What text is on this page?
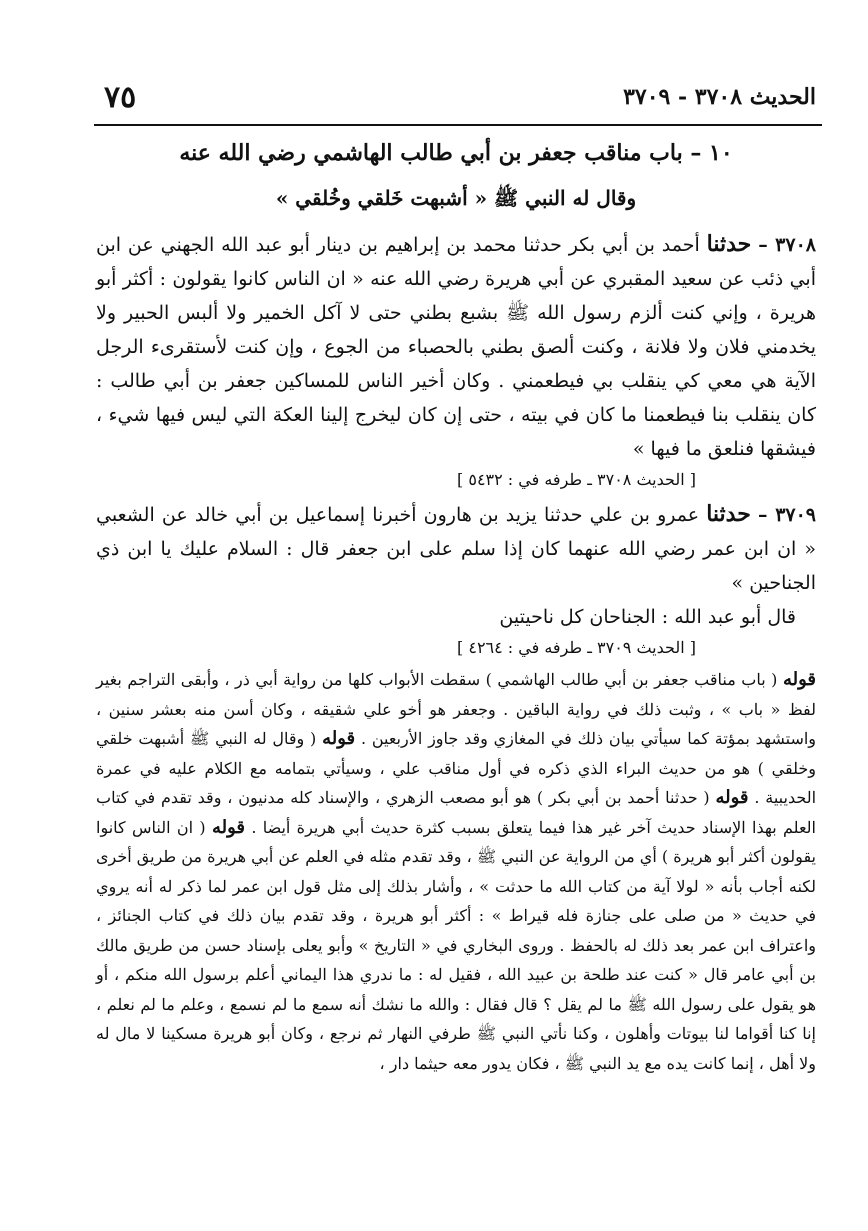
الحديث ٣٧٠٨ - ٣٧٠٩
٧٥
١٠ – باب مناقب جعفر بن أبي طالب الهاشمي رضي الله عنه
وقال له النبي ﷺ « أشبهت خَلقي وخُلقي »

٣٧٠٨ – حدثنا أحمد بن أبي بكر حدثنا محمد بن إبراهيم بن دينار أبو عبد الله الجهني عن ابن أبي ذئب عن سعيد المقبري عن أبي هريرة رضي الله عنه « ان الناس كانوا يقولون : أكثر أبو هريرة ، وإني كنت ألزم رسول الله ﷺ بشبع بطني حتى لا آكل الخمير ولا ألبس الحبير ولا يخدمني فلان ولا فلانة ، وكنت ألصق بطني بالحصباء من الجوع ، وإن كنت لأستقرىء الرجل الآية هي معي كي ينقلب بي فيطعمني . وكان أخير الناس للمساكين جعفر بن أبي طالب : كان ينقلب بنا فيطعمنا ما كان في بيته ، حتى إن كان ليخرج إلينا العكة التي ليس فيها شيء ، فيشقها فنلعق ما فيها »

[ الحديث ٣٧٠٨ ـ طرفه في : ٥٤٣٢ ]

٣٧٠٩ – حدثنا عمرو بن علي حدثنا يزيد بن هارون أخبرنا إسماعيل بن أبي خالد عن الشعبي « ان ابن عمر رضي الله عنهما كان إذا سلم على ابن جعفر قال : السلام عليك يا ابن ذي الجناحين »

قال أبو عبد الله : الجناحان كل ناحيتين

[ الحديث ٣٧٠٩ ـ طرفه في : ٤٢٦٤ ]
قوله ( باب مناقب جعفر بن أبي طالب الهاشمي ) سقطت الأبواب كلها من رواية أبي ذر ، وأبقى التراجم بغير لفظ « باب » ، وثبت ذلك في رواية الباقين . وجعفر هو أخو علي شقيقه ، وكان أسن منه بعشر سنين ، واستشهد بمؤتة كما سيأتي بيان ذلك في المغازي وقد جاوز الأربعين . قوله ( وقال له النبي ﷺ أشبهت خلقي وخلقي ) هو من حديث البراء الذي ذكره في أول مناقب علي ، وسيأتي بتمامه مع الكلام عليه في عمرة الحديبية . قوله ( حدثنا أحمد بن أبي بكر ) هو أبو مصعب الزهري ، والإسناد كله مدنيون ، وقد تقدم في كتاب العلم بهذا الإسناد حديث آخر غير هذا فيما يتعلق بسبب كثرة حديث أبي هريرة أيضا . قوله ( ان الناس كانوا يقولون أكثر أبو هريرة ) أي من الرواية عن النبي ﷺ ، وقد تقدم مثله في العلم عن أبي هريرة من طريق أخرى لكنه أجاب بأنه « لولا آية من كتاب الله ما حدثت » ، وأشار بذلك إلى مثل قول ابن عمر لما ذكر له أنه يروي في حديث « من صلى على جنازة فله قيراط » : أكثر أبو هريرة ، وقد تقدم بيان ذلك في كتاب الجنائز ، واعتراف ابن عمر بعد ذلك له بالحفظ . وروى البخاري في « التاريخ » وأبو يعلى بإسناد حسن من طريق مالك بن أبي عامر قال « كنت عند طلحة بن عبيد الله ، فقيل له : ما ندري هذا اليماني أعلم برسول الله منكم ، أو هو يقول على رسول الله ﷺ ما لم يقل ؟ قال فقال : والله ما نشك أنه سمع ما لم نسمع ، وعلم ما لم نعلم ، إنا كنا أقواما لنا بيوتات وأهلون ، وكنا نأتي النبي ﷺ طرفي النهار ثم نرجع ، وكان أبو هريرة مسكينا لا مال له ولا أهل ، إنما كانت يده مع يد النبي ﷺ ، فكان يدور معه حيثما دار ،
